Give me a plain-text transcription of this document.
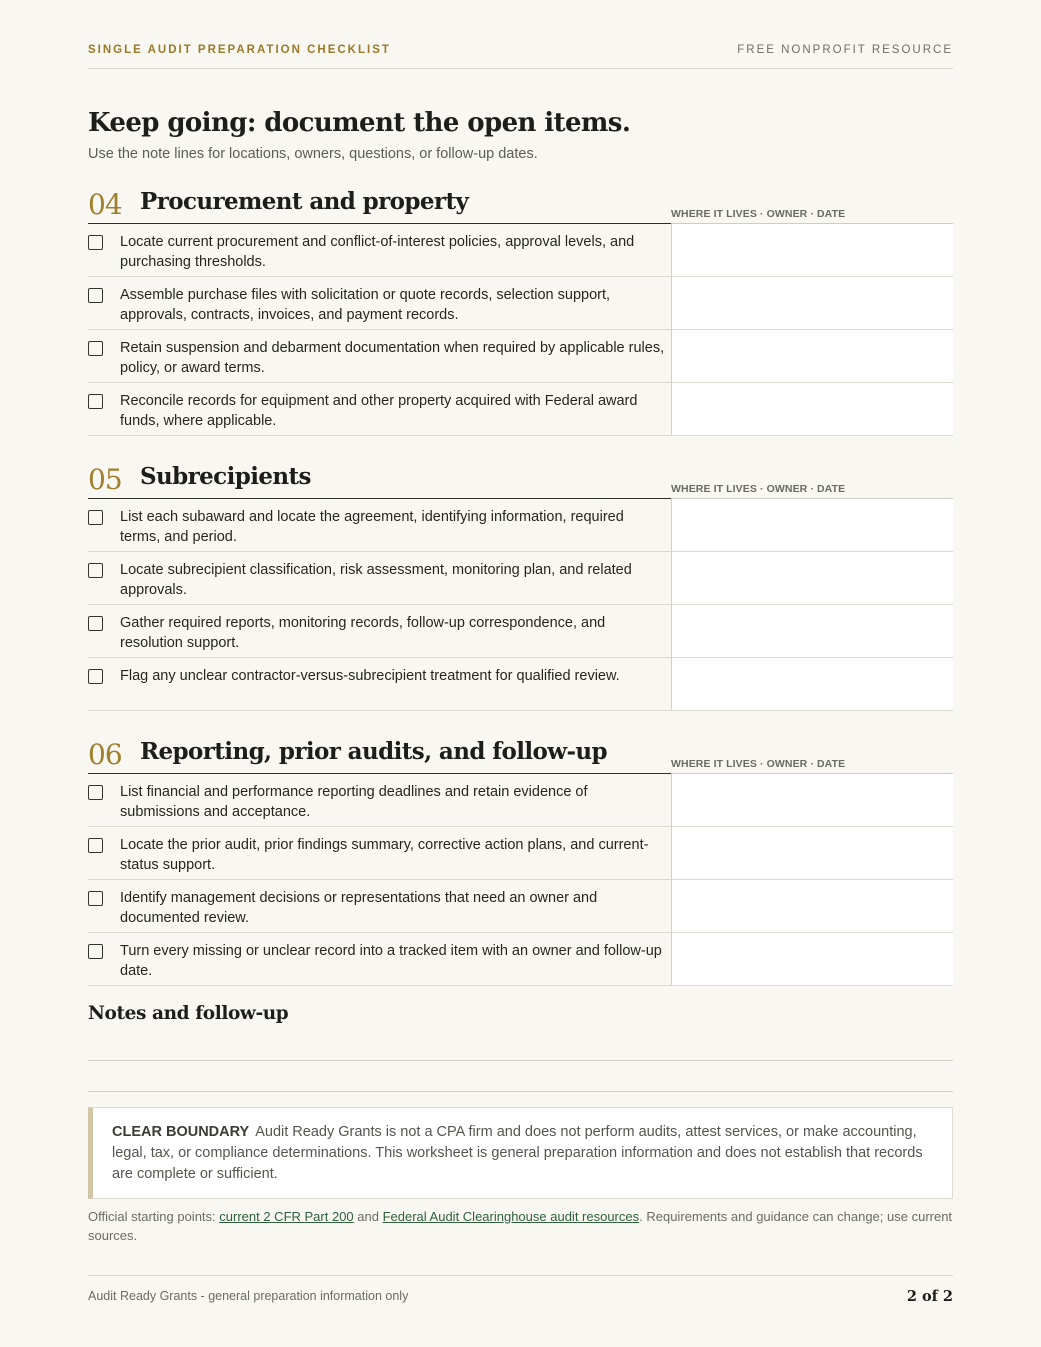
SINGLE AUDIT PREPARATION CHECKLIST	FREE NONPROFIT RESOURCE
Keep going: document the open items.
Use the note lines for locations, owners, questions, or follow-up dates.
04 Procurement and property	WHERE IT LIVES · OWNER · DATE
Locate current procurement and conflict-of-interest policies, approval levels, and purchasing thresholds.
Assemble purchase files with solicitation or quote records, selection support, approvals, contracts, invoices, and payment records.
Retain suspension and debarment documentation when required by applicable rules, policy, or award terms.
Reconcile records for equipment and other property acquired with Federal award funds, where applicable.
05 Subrecipients	WHERE IT LIVES · OWNER · DATE
List each subaward and locate the agreement, identifying information, required terms, and period.
Locate subrecipient classification, risk assessment, monitoring plan, and related approvals.
Gather required reports, monitoring records, follow-up correspondence, and resolution support.
Flag any unclear contractor-versus-subrecipient treatment for qualified review.
06 Reporting, prior audits, and follow-up	WHERE IT LIVES · OWNER · DATE
List financial and performance reporting deadlines and retain evidence of submissions and acceptance.
Locate the prior audit, prior findings summary, corrective action plans, and current-status support.
Identify management decisions or representations that need an owner and documented review.
Turn every missing or unclear record into a tracked item with an owner and follow-up date.
Notes and follow-up
CLEAR BOUNDARY Audit Ready Grants is not a CPA firm and does not perform audits, attest services, or make accounting, legal, tax, or compliance determinations. This worksheet is general preparation information and does not establish that records are complete or sufficient.
Official starting points: current 2 CFR Part 200 and Federal Audit Clearinghouse audit resources. Requirements and guidance can change; use current sources.
Audit Ready Grants - general preparation information only	2 of 2
